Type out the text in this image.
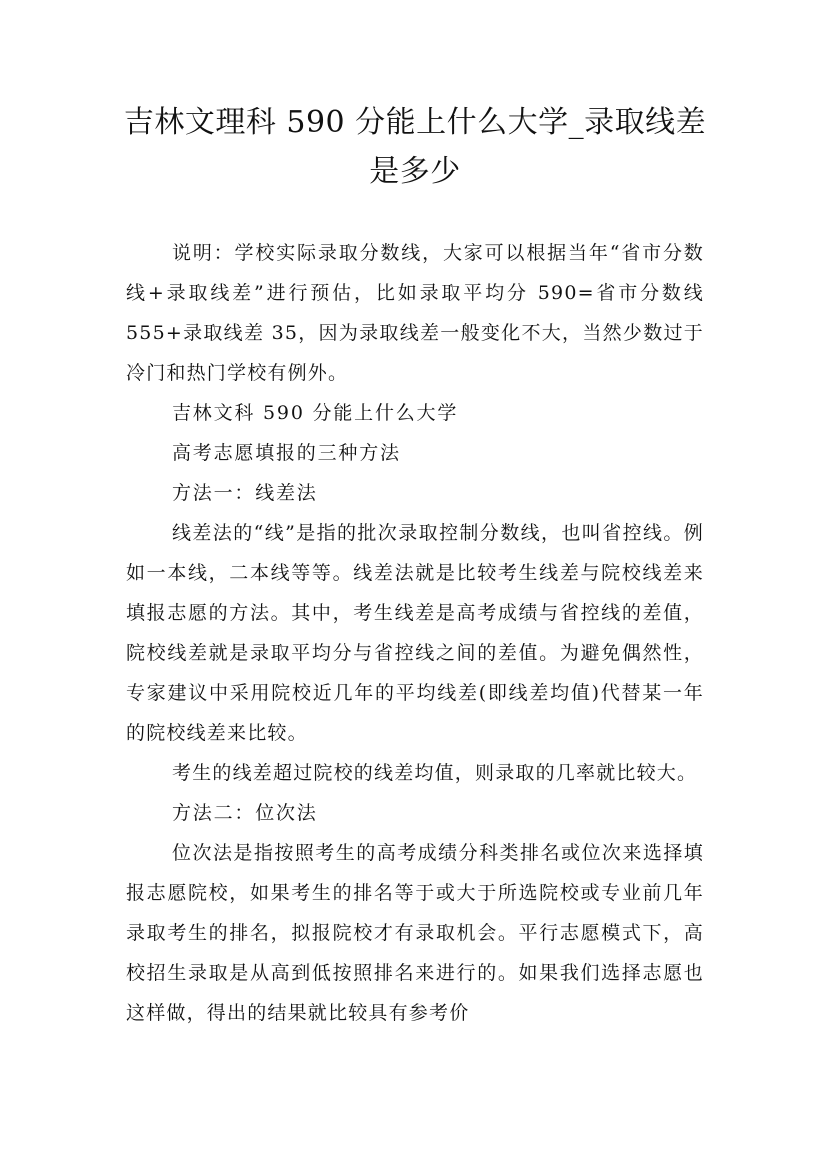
吉林文理科 590 分能上什么大学_录取线差是多少

说明：学校实际录取分数线，大家可以根据当年“省市分数线+录取线差”进行预估，比如录取平均分 590=省市分数线 555+录取线差 35，因为录取线差一般变化不大，当然少数过于冷门和热门学校有例外。

吉林文科 590 分能上什么大学

高考志愿填报的三种方法

方法一：线差法

线差法的“线”是指的批次录取控制分数线，也叫省控线。例如一本线，二本线等等。线差法就是比较考生线差与院校线差来填报志愿的方法。其中，考生线差是高考成绩与省控线的差值，院校线差就是录取平均分与省控线之间的差值。为避免偶然性，专家建议中采用院校近几年的平均线差(即线差均值)代替某一年的院校线差来比较。

考生的线差超过院校的线差均值，则录取的几率就比较大。

方法二：位次法

位次法是指按照考生的高考成绩分科类排名或位次来选择填报志愿院校，如果考生的排名等于或大于所选院校或专业前几年录取考生的排名，拟报院校才有录取机会。平行志愿模式下，高校招生录取是从高到低按照排名来进行的。如果我们选择志愿也这样做，得出的结果就比较具有参考价
